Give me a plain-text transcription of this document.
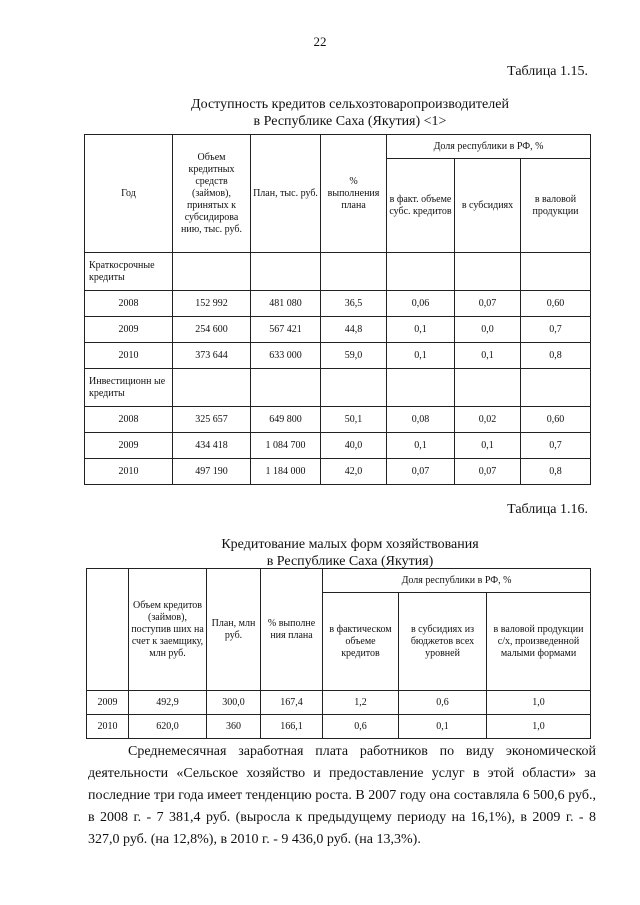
22
Таблица 1.15.
Доступность кредитов сельхозтоваропроизводителей
в Республике Саха (Якутия) <1>
Год	Объем кредитных средств (займов), принятых к субсидирова нию, тыс. руб.	План, тыс. руб.	% выполнения плана	Доля республики в РФ, %		
				в факт. объеме субс. кредитов	в субсидиях	в валовой продукции
Краткосрочные кредиты						
2008	152 992	481 080	36,5	0,06	0,07	0,60
2009	254 600	567 421	44,8	0,1	0,0	0,7
2010	373 644	633 000	59,0	0,1	0,1	0,8
Инвестиционн ые кредиты						
2008	325 657	649 800	50,1	0,08	0,02	0,60
2009	434 418	1 084 700	40,0	0,1	0,1	0,7
2010	497 190	1 184 000	42,0	0,07	0,07	0,8
Таблица 1.16.
Кредитование малых форм хозяйствования
в Республике Саха (Якутия)
	Объем кредитов (займов), поступив ших на счет к заемщику, млн руб.	План, млн руб.	% выполне ния плана	Доля республики в РФ, %		
				в фактическом объеме кредитов	в субсидиях из бюджетов всех уровней	в валовой продукции с/х, произведенной малыми формами
2009	492,9	300,0	167,4	1,2	0,6	1,0
2010	620,0	360	166,1	0,6	0,1	1,0
Среднемесячная заработная плата работников по виду экономической деятельности «Сельское хозяйство и предоставление услуг в этой области» за последние три года имеет тенденцию роста. В 2007 году она составляла 6 500,6 руб., в 2008 г. - 7 381,4 руб. (выросла к предыдущему периоду на 16,1%), в 2009 г. - 8 327,0 руб. (на 12,8%), в 2010 г. - 9 436,0 руб. (на 13,3%).
